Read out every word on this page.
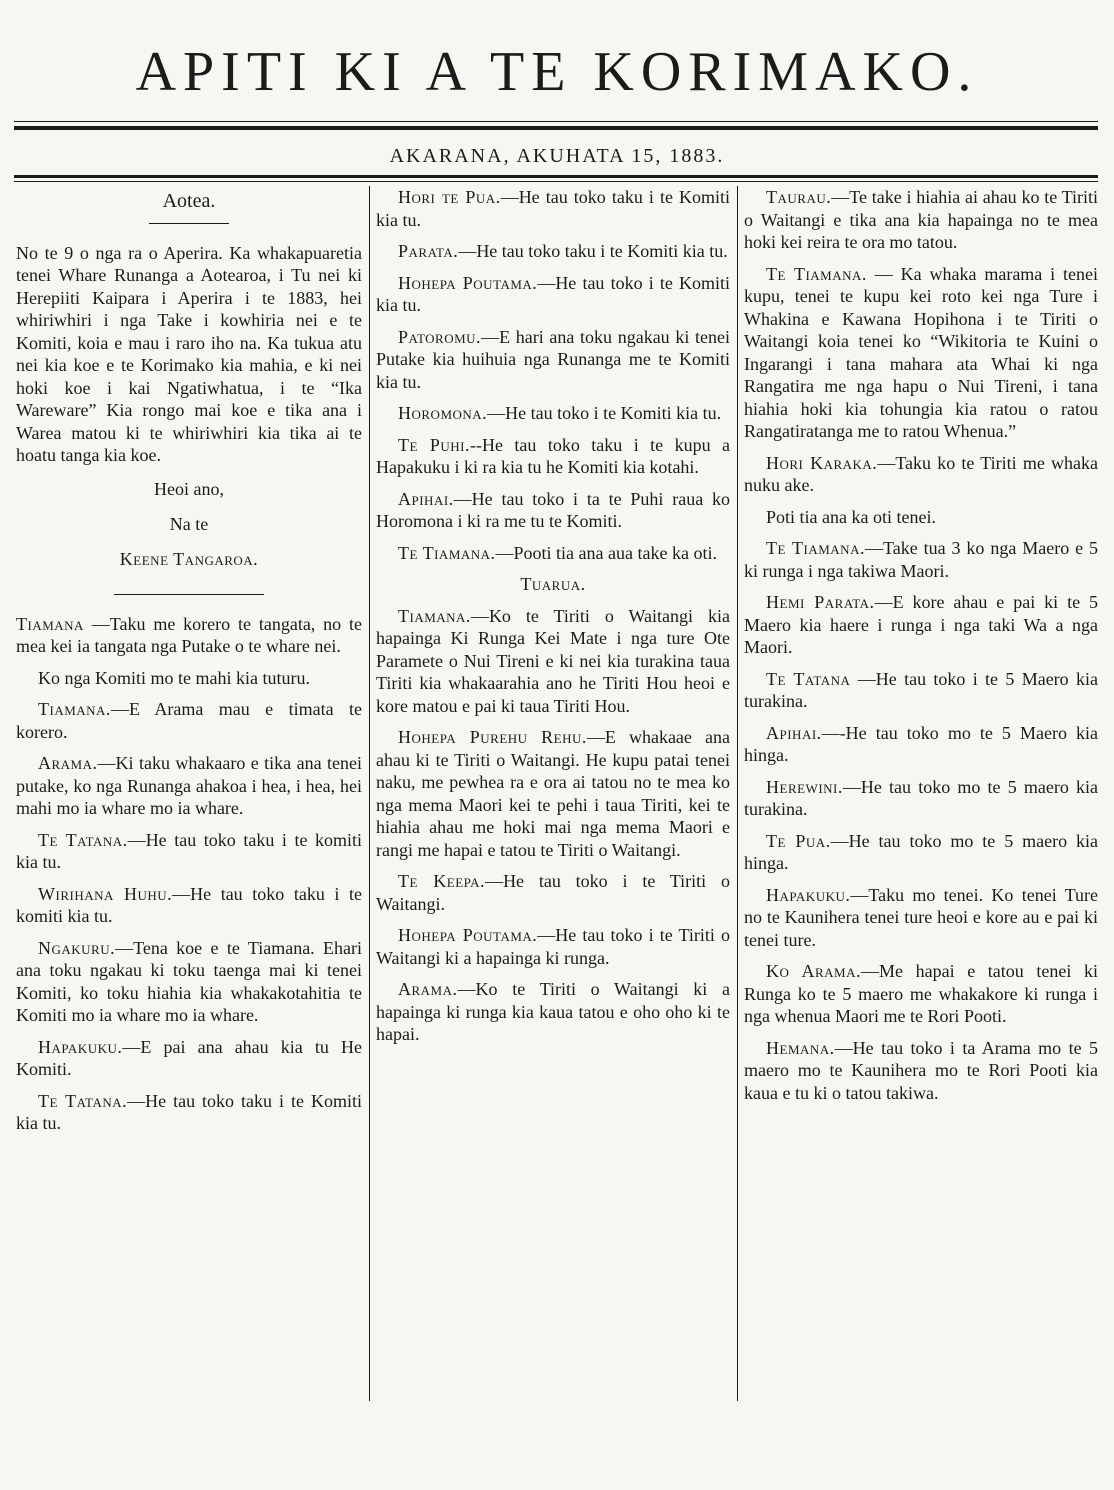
APITI KI A TE KORIMAKO.
AKARANA, AKUHATA 15, 1883.
Aotea.

No te 9 o nga ra o Aperira. Ka whakapuaretia tenei Whare Runanga a Aotearoa, i Tu nei ki Herepiiti Kaipara i Aperira i te 1883, hei whiriwhiri i nga Take i kowhiria nei e te Komiti, koia e mau i raro iho na. Ka tukua atu nei kia koe e te Korimako kia mahia, e ki nei hoki koe i kai Ngatiwhatua, i te “Ika Wareware” Kia rongo mai koe e tika ana i Warea matou ki te whiriwhiri kia tika ai te hoatu tanga kia koe.

Heoi ano,

Na te

Keene Tangaroa.

Tiamana —Taku me korero te tangata, no te mea kei ia tangata nga Putake o te whare nei.

Ko nga Komiti mo te mahi kia tuturu.

Tiamana.—E Arama mau e timata te korero.

Arama.—Ki taku whakaaro e tika ana tenei putake, ko nga Runanga ahakoa i hea, i hea, hei mahi mo ia whare mo ia whare.

Te Tatana.—He tau toko taku i te komiti kia tu.

Wirihana Huhu.—He tau toko taku i te komiti kia tu.

Ngakuru.—Tena koe e te Tiamana. Ehari ana toku ngakau ki toku taenga mai ki tenei Komiti, ko toku hiahia kia whakakotahitia te Komiti mo ia whare mo ia whare.

Hapakuku.—E pai ana ahau kia tu He Komiti.

Te Tatana.—He tau toko taku i te Komiti kia tu.

Hori te Pua.—He tau toko taku i te Komiti kia tu.

Parata.—He tau toko taku i te Komiti kia tu.

Hohepa Poutama.—He tau toko i te Komiti kia tu.

Patoromu.—E hari ana toku ngakau ki tenei Putake kia huihuia nga Runanga me te Komiti kia tu.

Horomona.—He tau toko i te Komiti kia tu.

Te Puhi.--He tau toko taku i te kupu a Hapakuku i ki ra kia tu he Komiti kia kotahi.

Apihai.—He tau toko i ta te Puhi raua ko Horomona i ki ra me tu te Komiti.

Te Tiamana.—Pooti tia ana aua take ka oti.

Tuarua.

Tiamana.—Ko te Tiriti o Waitangi kia hapainga Ki Runga Kei Mate i nga ture Ote Paramete o Nui Tireni e ki nei kia turakina taua Tiriti kia whakaarahia ano he Tiriti Hou heoi e kore matou e pai ki taua Tiriti Hou.

Hohepa Purehu Rehu.—E whakaae ana ahau ki te Tiriti o Waitangi. He kupu patai tenei naku, me pewhea ra e ora ai tatou no te mea ko nga mema Maori kei te pehi i taua Tiriti, kei te hiahia ahau me hoki mai nga mema Maori e rangi me hapai e tatou te Tiriti o Waitangi.

Te Keepa.—He tau toko i te Tiriti o Waitangi.

Hohepa Poutama.—He tau toko i te Tiriti o Waitangi ki a hapainga ki runga.

Arama.—Ko te Tiriti o Waitangi ki a hapainga ki runga kia kaua tatou e oho oho ki te hapai.

Taurau.—Te take i hiahia ai ahau ko te Tiriti o Waitangi e tika ana kia hapainga no te mea hoki kei reira te ora mo tatou.

Te Tiamana. — Ka whaka marama i tenei kupu, tenei te kupu kei roto kei nga Ture i Whakina e Kawana Hopihona i te Tiriti o Waitangi koia tenei ko “Wikitoria te Kuini o Ingarangi i tana mahara ata Whai ki nga Rangatira me nga hapu o Nui Tireni, i tana hiahia hoki kia tohungia kia ratou o ratou Rangatiratanga me to ratou Whenua.”

Hori Karaka.—Taku ko te Tiriti me whaka nuku ake.

Poti tia ana ka oti tenei.

Te Tiamana.—Take tua 3 ko nga Maero e 5 ki runga i nga takiwa Maori.

Hemi Parata.—E kore ahau e pai ki te 5 Maero kia haere i runga i nga taki Wa a nga Maori.

Te Tatana —He tau toko i te 5 Maero kia turakina.

Apihai.—-He tau toko mo te 5 Maero kia hinga.

Herewini.—He tau toko mo te 5 maero kia turakina.

Te Pua.—He tau toko mo te 5 maero kia hinga.

Hapakuku.—Taku mo tenei. Ko tenei Ture no te Kaunihera tenei ture heoi e kore au e pai ki tenei ture.

Ko Arama.—Me hapai e tatou tenei ki Runga ko te 5 maero me whakakore ki runga i nga whenua Maori me te Rori Pooti.

Hemana.—He tau toko i ta Arama mo te 5 maero mo te Kaunihera mo te Rori Pooti kia kaua e tu ki o tatou takiwa.
